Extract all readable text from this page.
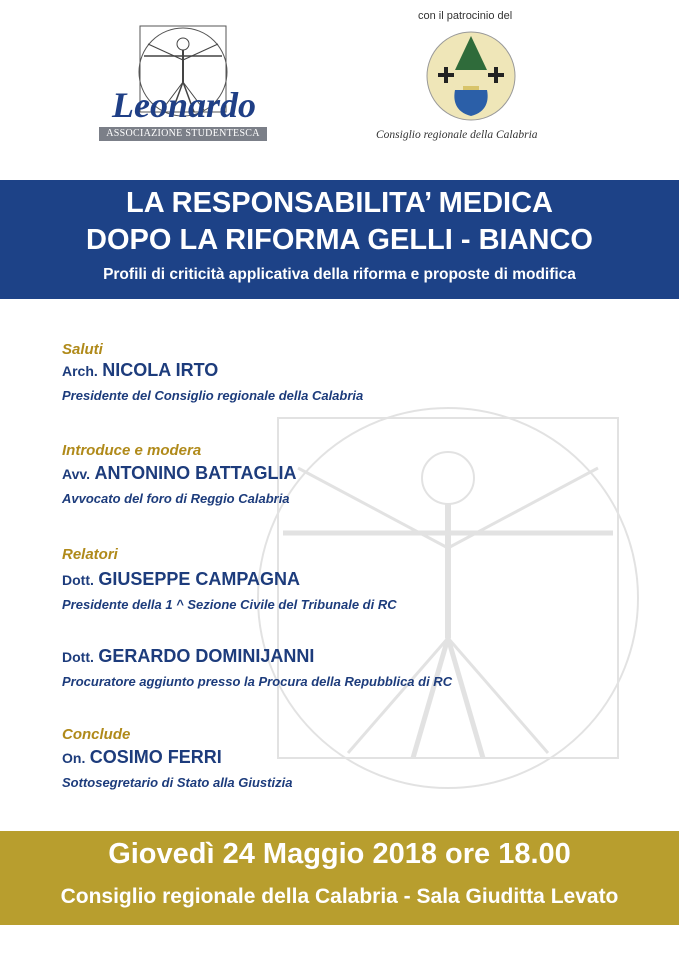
Leonardo
ASSOCIAZIONE STUDENTESCA
con il patrocinio del
Consiglio regionale della Calabria
LA RESPONSABILITA’ MEDICA
DOPO LA RIFORMA GELLI - BIANCO
Profili di criticità applicativa della riforma e proposte di modifica
Saluti
Arch. NICOLA IRTO
Presidente del Consiglio regionale della Calabria
Introduce e modera
Avv. ANTONINO BATTAGLIA
Avvocato del foro di Reggio Calabria
Relatori
Dott. GIUSEPPE CAMPAGNA
Presidente della 1 ^ Sezione Civile del Tribunale di RC
Dott. GERARDO DOMINIJANNI
Procuratore aggiunto presso la Procura della Repubblica di RC
Conclude
On. COSIMO FERRI
Sottosegretario di Stato alla Giustizia
Giovedì 24 Maggio 2018 ore 18.00
Consiglio regionale della Calabria - Sala Giuditta Levato
